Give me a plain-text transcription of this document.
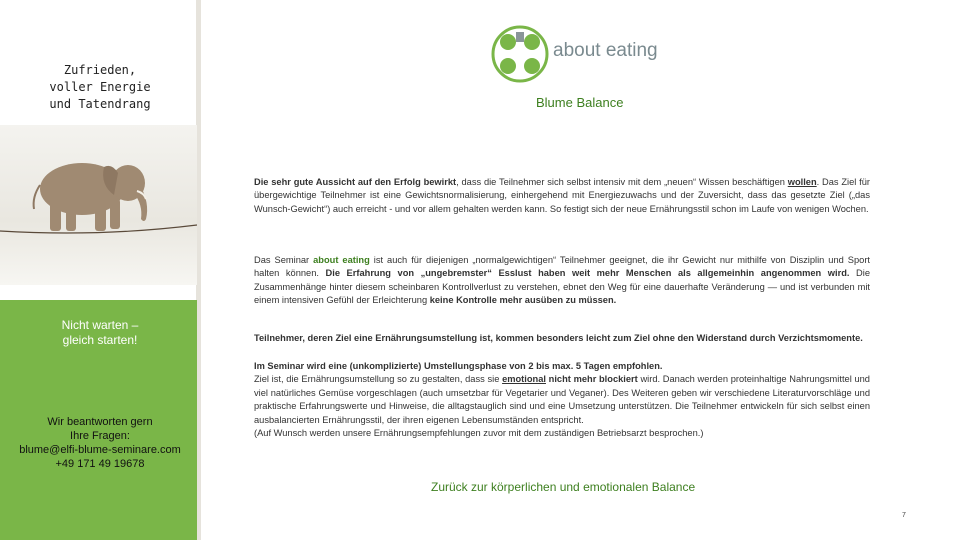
Zufrieden,
voller Energie
und Tatendrang
Nicht warten –
gleich starten!
Wir beantworten gern
Ihre Fragen:
blume@elfi-blume-seminare.com
+49 171 49 19678
about eating
Blume Balance
Die sehr gute Aussicht auf den Erfolg bewirkt, dass die Teilnehmer sich selbst intensiv mit dem „neuen“ Wissen beschäftigen wollen. Das Ziel für übergewichtige Teilnehmer ist eine Gewichtsnormalisierung, einhergehend mit Energiezuwachs und der Zuversicht, dass das gesetzte Ziel („das Wunsch-Gewicht“) auch erreicht - und vor allem gehalten werden kann. So festigt sich der neue Ernährungsstil schon im Laufe von wenigen Wochen.
Das Seminar about eating ist auch für diejenigen „normalgewichtigen“ Teilnehmer geeignet, die ihr Gewicht nur mithilfe von Disziplin und Sport halten können. Die Erfahrung von „ungebremster“ Esslust haben weit mehr Menschen als allgemeinhin angenommen wird. Die Zusammenhänge hinter diesem scheinbaren Kontrollverlust zu verstehen, ebnet den Weg für eine dauerhafte Veränderung — und ist verbunden mit einem intensiven Gefühl der Erleichterung keine Kontrolle mehr ausüben zu müssen.
Teilnehmer, deren Ziel eine Ernährungsumstellung ist, kommen besonders leicht zum Ziel ohne den Widerstand durch Verzichtsmomente.
Im Seminar wird eine (unkomplizierte) Umstellungsphase von 2 bis max. 5 Tagen empfohlen.
Ziel ist, die Ernährungsumstellung so zu gestalten, dass sie emotional nicht mehr blockiert wird. Danach werden proteinhaltige Nahrungsmittel und viel natürliches Gemüse vorgeschlagen (auch umsetzbar für Vegetarier und Veganer). Des Weiteren geben wir verschiedene Literaturvorschläge und praktische Erfahrungswerte und Hinweise, die alltagstauglich sind und eine Umsetzung unterstützen. Die Teilnehmer entwickeln für sich selbst einen ausbalancierten Ernährungsstil, der ihren eigenen Lebensumständen entspricht.
(Auf Wunsch werden unsere Ernährungsempfehlungen zuvor mit dem zuständigen Betriebsarzt besprochen.)
Zurück zur körperlichen und emotionalen Balance
7
